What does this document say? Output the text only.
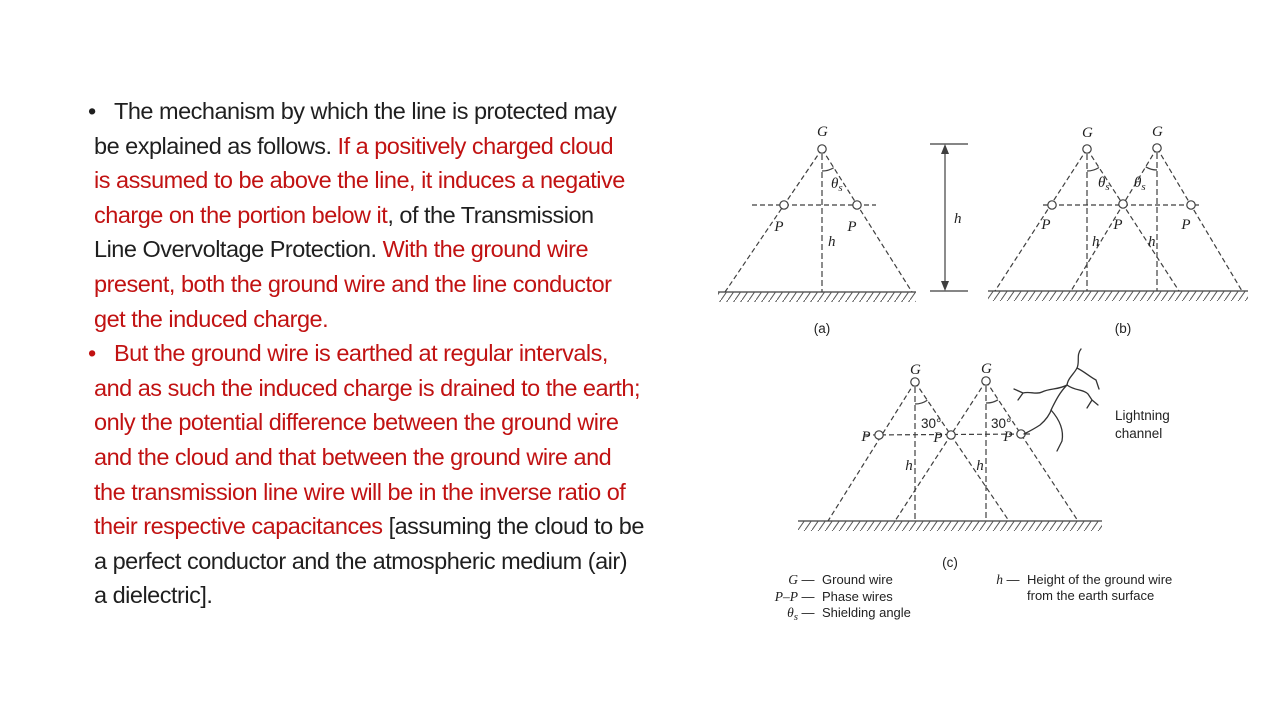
• The mechanism by which the line is protected may
be explained as follows. If a positively charged cloud
is assumed to be above the line, it induces a negative
charge on the portion below it, of the Transmission
Line Overvoltage Protection. With the ground wire
present, both the ground wire and the line conductor
get the induced charge.
• But the ground wire is earthed at regular intervals,
and as such the induced charge is drained to the earth;
only the potential difference between the ground wire
and the cloud and that between the ground wire and
the transmission line wire will be in the inverse ratio of
their respective capacitances [assuming the cloud to be
a perfect conductor and the atmospheric medium (air)
a dielectric].
G
$\theta_s$
P	P
h
(a)
h
G	G
$\theta_s$ $\theta_s$
P	P	P
h	h
(b)
G	G
30°	30°
P	P	P
h	h
(c)
Lightning
channel
G — Ground wire
P–P — Phase wires
$\theta_s$ — Shielding angle
h — Height of the ground wire
from the earth surface
